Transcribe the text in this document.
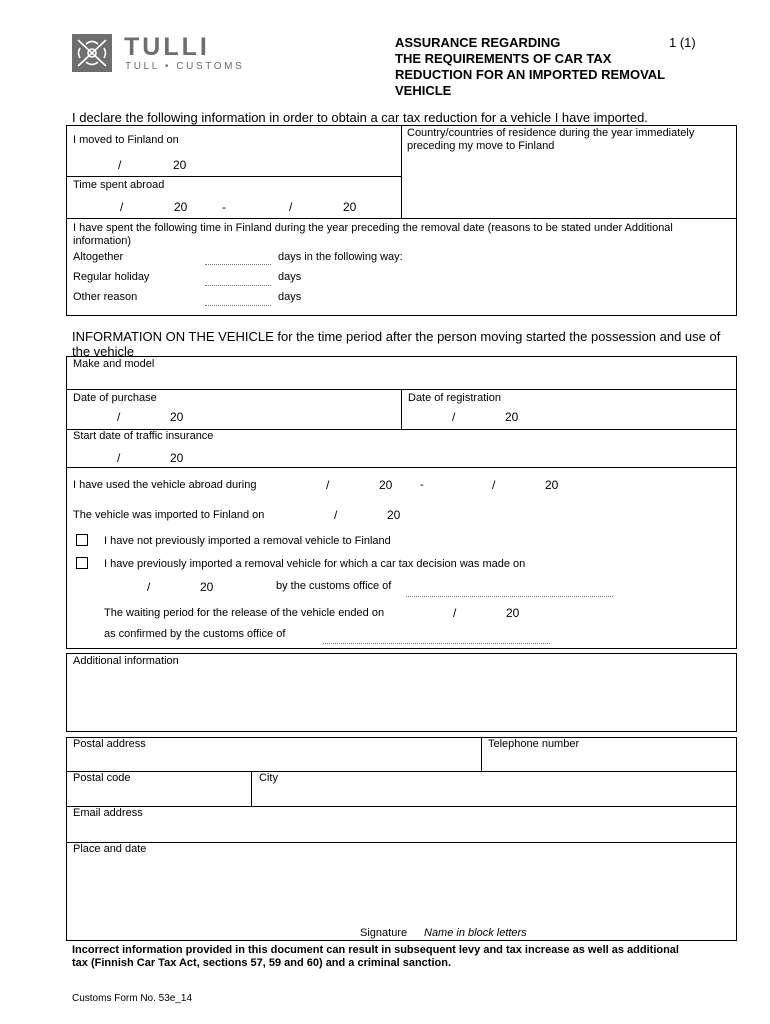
TULLI
TULL • CUSTOMS
ASSURANCE REGARDING
THE REQUIREMENTS OF CAR TAX
REDUCTION FOR AN IMPORTED REMOVAL
VEHICLE
1 (1)
I declare the following information in order to obtain a car tax reduction for a vehicle I have imported.
I moved to Finland on
/	20
Country/countries of residence during the year immediately
preceding my move to Finland
Time spent abroad
/	20	-	/	20
I have spent the following time in Finland during the year preceding the removal date (reasons to be stated under Additional
information)
Altogether	days in the following way:
Regular holiday	days
Other reason	days
INFORMATION ON THE VEHICLE for the time period after the person moving started the possession and use of
the vehicle
Make and model
Date of purchase
/	20
Date of registration
/	20
Start date of traffic insurance
/	20
I have used the vehicle abroad during	/	20	-	/	20
The vehicle was imported to Finland on	/	20
I have not previously imported a removal vehicle to Finland
I have previously imported a removal vehicle for which a car tax decision was made on
/	20	by the customs office of
The waiting period for the release of the vehicle ended on	/	20
as confirmed by the customs office of
Additional information
Postal address	Telephone number
Postal code	City
Email address
Place and date
Signature Name in block letters
Incorrect information provided in this document can result in subsequent levy and tax increase as well as additional
tax (Finnish Car Tax Act, sections 57, 59 and 60) and a criminal sanction.
Customs Form No. 53e_14
